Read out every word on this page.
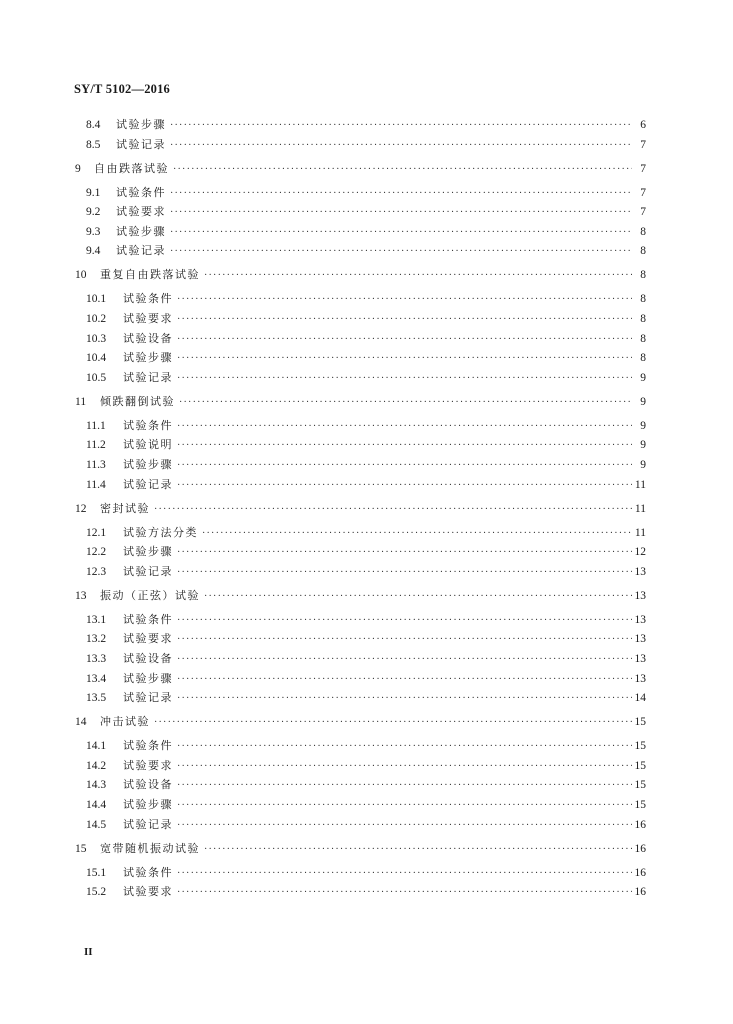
SY/T 5102—2016
8.4	试验步骤 ·····	6
8.5	试验记录 ·····	7
9	自由跌落试验 ·····	7
9.1	试验条件 ·····	7
9.2	试验要求 ·····	7
9.3	试验步骤 ·····	8
9.4	试验记录 ·····	8
10	重复自由跌落试验 ·····	8
10.1	试验条件 ·····	8
10.2	试验要求 ·····	8
10.3	试验设备 ·····	8
10.4	试验步骤 ·····	8
10.5	试验记录 ·····	9
11	倾跌翻倒试验 ·····	9
11.1	试验条件 ·····	9
11.2	试验说明 ·····	9
11.3	试验步骤 ·····	9
11.4	试验记录 ·····	11
12	密封试验 ·····	11
12.1	试验方法分类 ·····	11
12.2	试验步骤 ·····	12
12.3	试验记录 ·····	13
13	振动（正弦）试验 ·····	13
13.1	试验条件 ·····	13
13.2	试验要求 ·····	13
13.3	试验设备 ·····	13
13.4	试验步骤 ·····	13
13.5	试验记录 ·····	14
14	冲击试验 ·····	15
14.1	试验条件 ·····	15
14.2	试验要求 ·····	15
14.3	试验设备 ·····	15
14.4	试验步骤 ·····	15
14.5	试验记录 ·····	16
15	宽带随机振动试验 ·····	16
15.1	试验条件 ·····	16
15.2	试验要求 ·····	16
II
